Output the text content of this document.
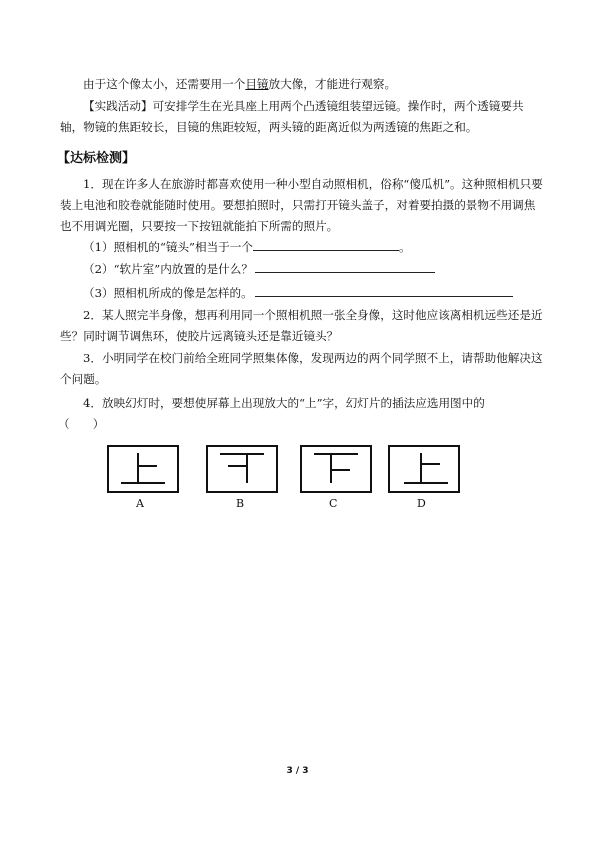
由于这个像太小，还需要用一个目镜放大像，才能进行观察。
【实践活动】可安排学生在光具座上用两个凸透镜组装望远镜。操作时，两个透镜要共轴，物镜的焦距较长，目镜的焦距较短，两头镜的距离近似为两透镜的焦距之和。
【达标检测】
1．现在许多人在旅游时都喜欢使用一种小型自动照相机，俗称“傻瓜机”。这种照相机只要装上电池和胶卷就能随时使用。要想拍照时，只需打开镜头盖子，对着要拍摄的景物不用调焦也不用调光圈，只要按一下按钮就能拍下所需的照片。
（1）照相机的“镜头”相当于一个	。
（2）“软片室”内放置的是什么？
（3）照相机所成的像是怎样的。
2．某人照完半身像，想再利用同一个照相机照一张全身像，这时他应该离相机远些还是近些？同时调节调焦环，使胶片远离镜头还是靠近镜头？
3．小明同学在校门前给全班同学照集体像，发现两边的两个同学照不上，请帮助他解决这个问题。
4．放映幻灯时，要想使屏幕上出现放大的“上”字，幻灯片的插法应选用图中的
（　　）
A	B	C	D
3 / 3
